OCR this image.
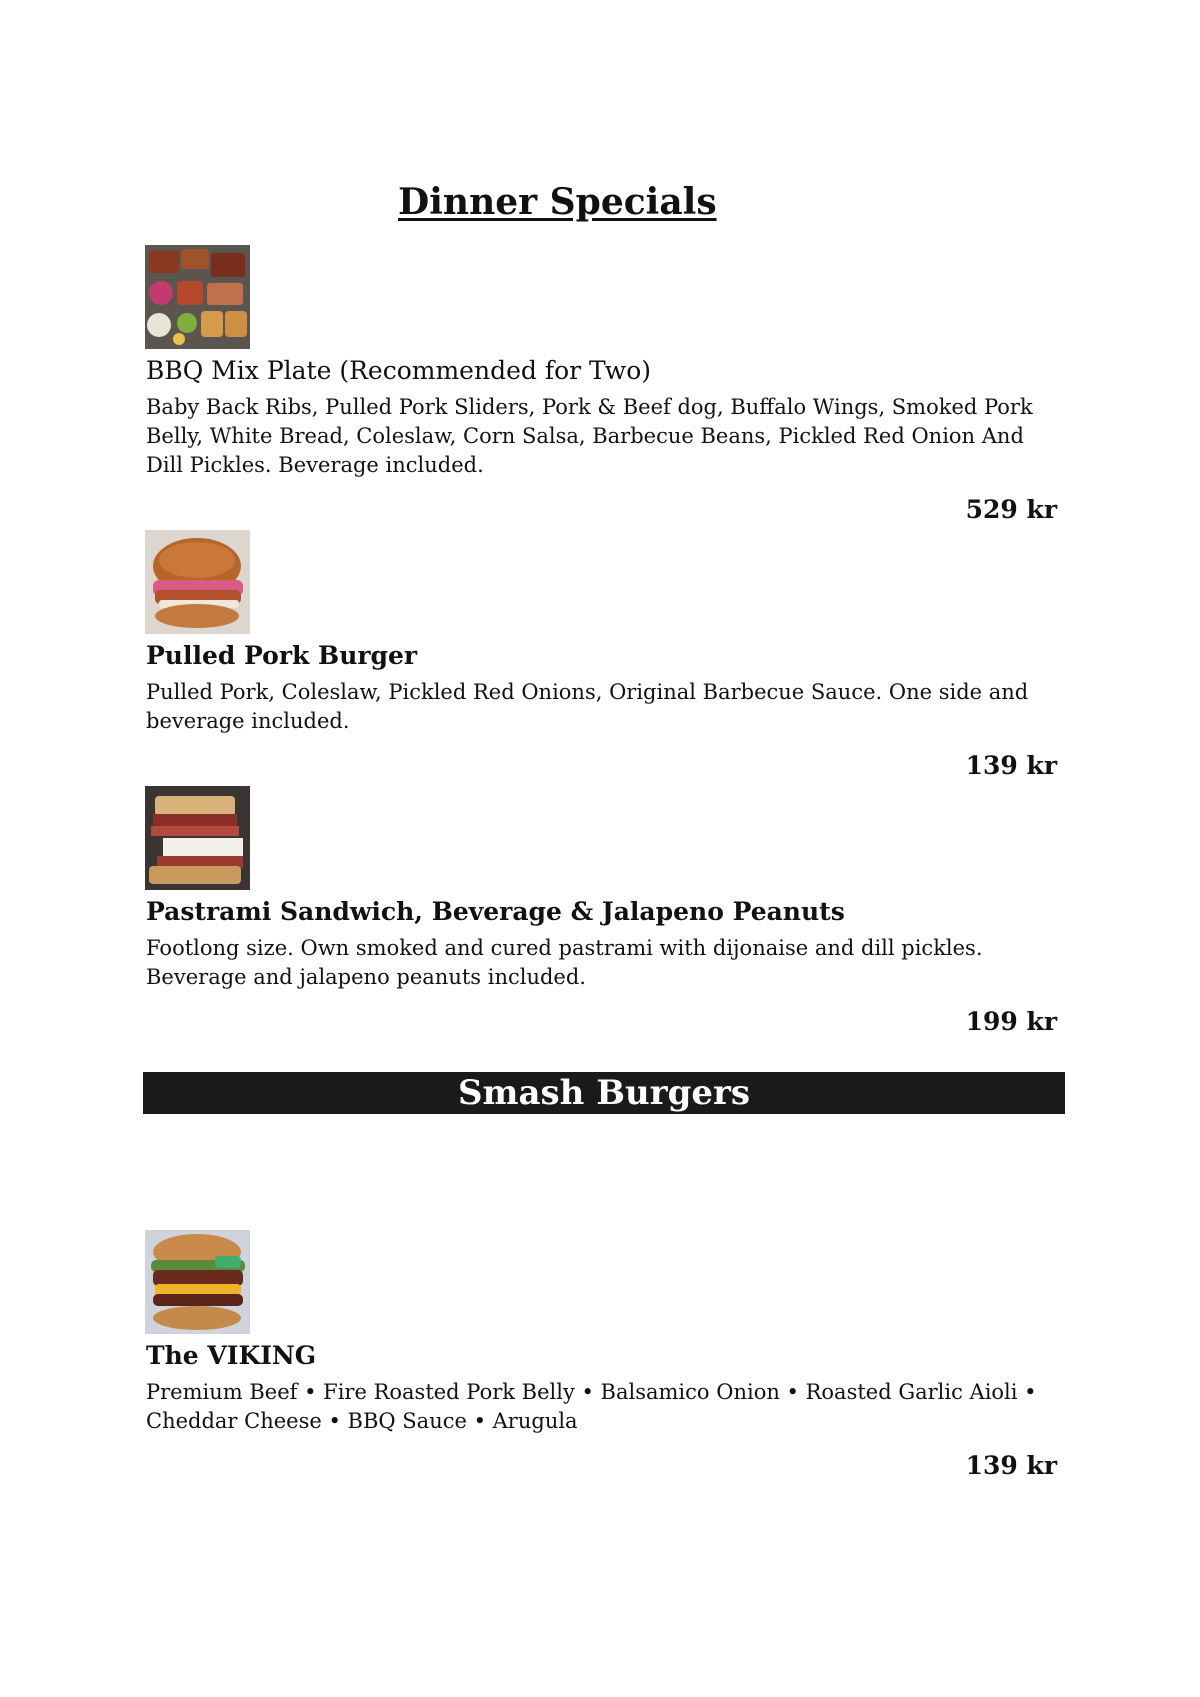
Dinner Specials

BBQ Mix Plate (Recommended for Two)

Baby Back Ribs, Pulled Pork Sliders, Pork & Beef dog, Buffalo Wings, Smoked Pork Belly, White Bread, Coleslaw, Corn Salsa, Barbecue Beans, Pickled Red Onion And Dill Pickles. Beverage included.

529 kr

Pulled Pork Burger

Pulled Pork, Coleslaw, Pickled Red Onions, Original Barbecue Sauce. One side and beverage included.

139 kr

Pastrami Sandwich, Beverage & Jalapeno Peanuts

Footlong size. Own smoked and cured pastrami with dijonaise and dill pickles. Beverage and jalapeno peanuts included.

199 kr

Smash Burgers

The VIKING

Premium Beef • Fire Roasted Pork Belly • Balsamico Onion • Roasted Garlic Aioli • Cheddar Cheese • BBQ Sauce • Arugula

139 kr
